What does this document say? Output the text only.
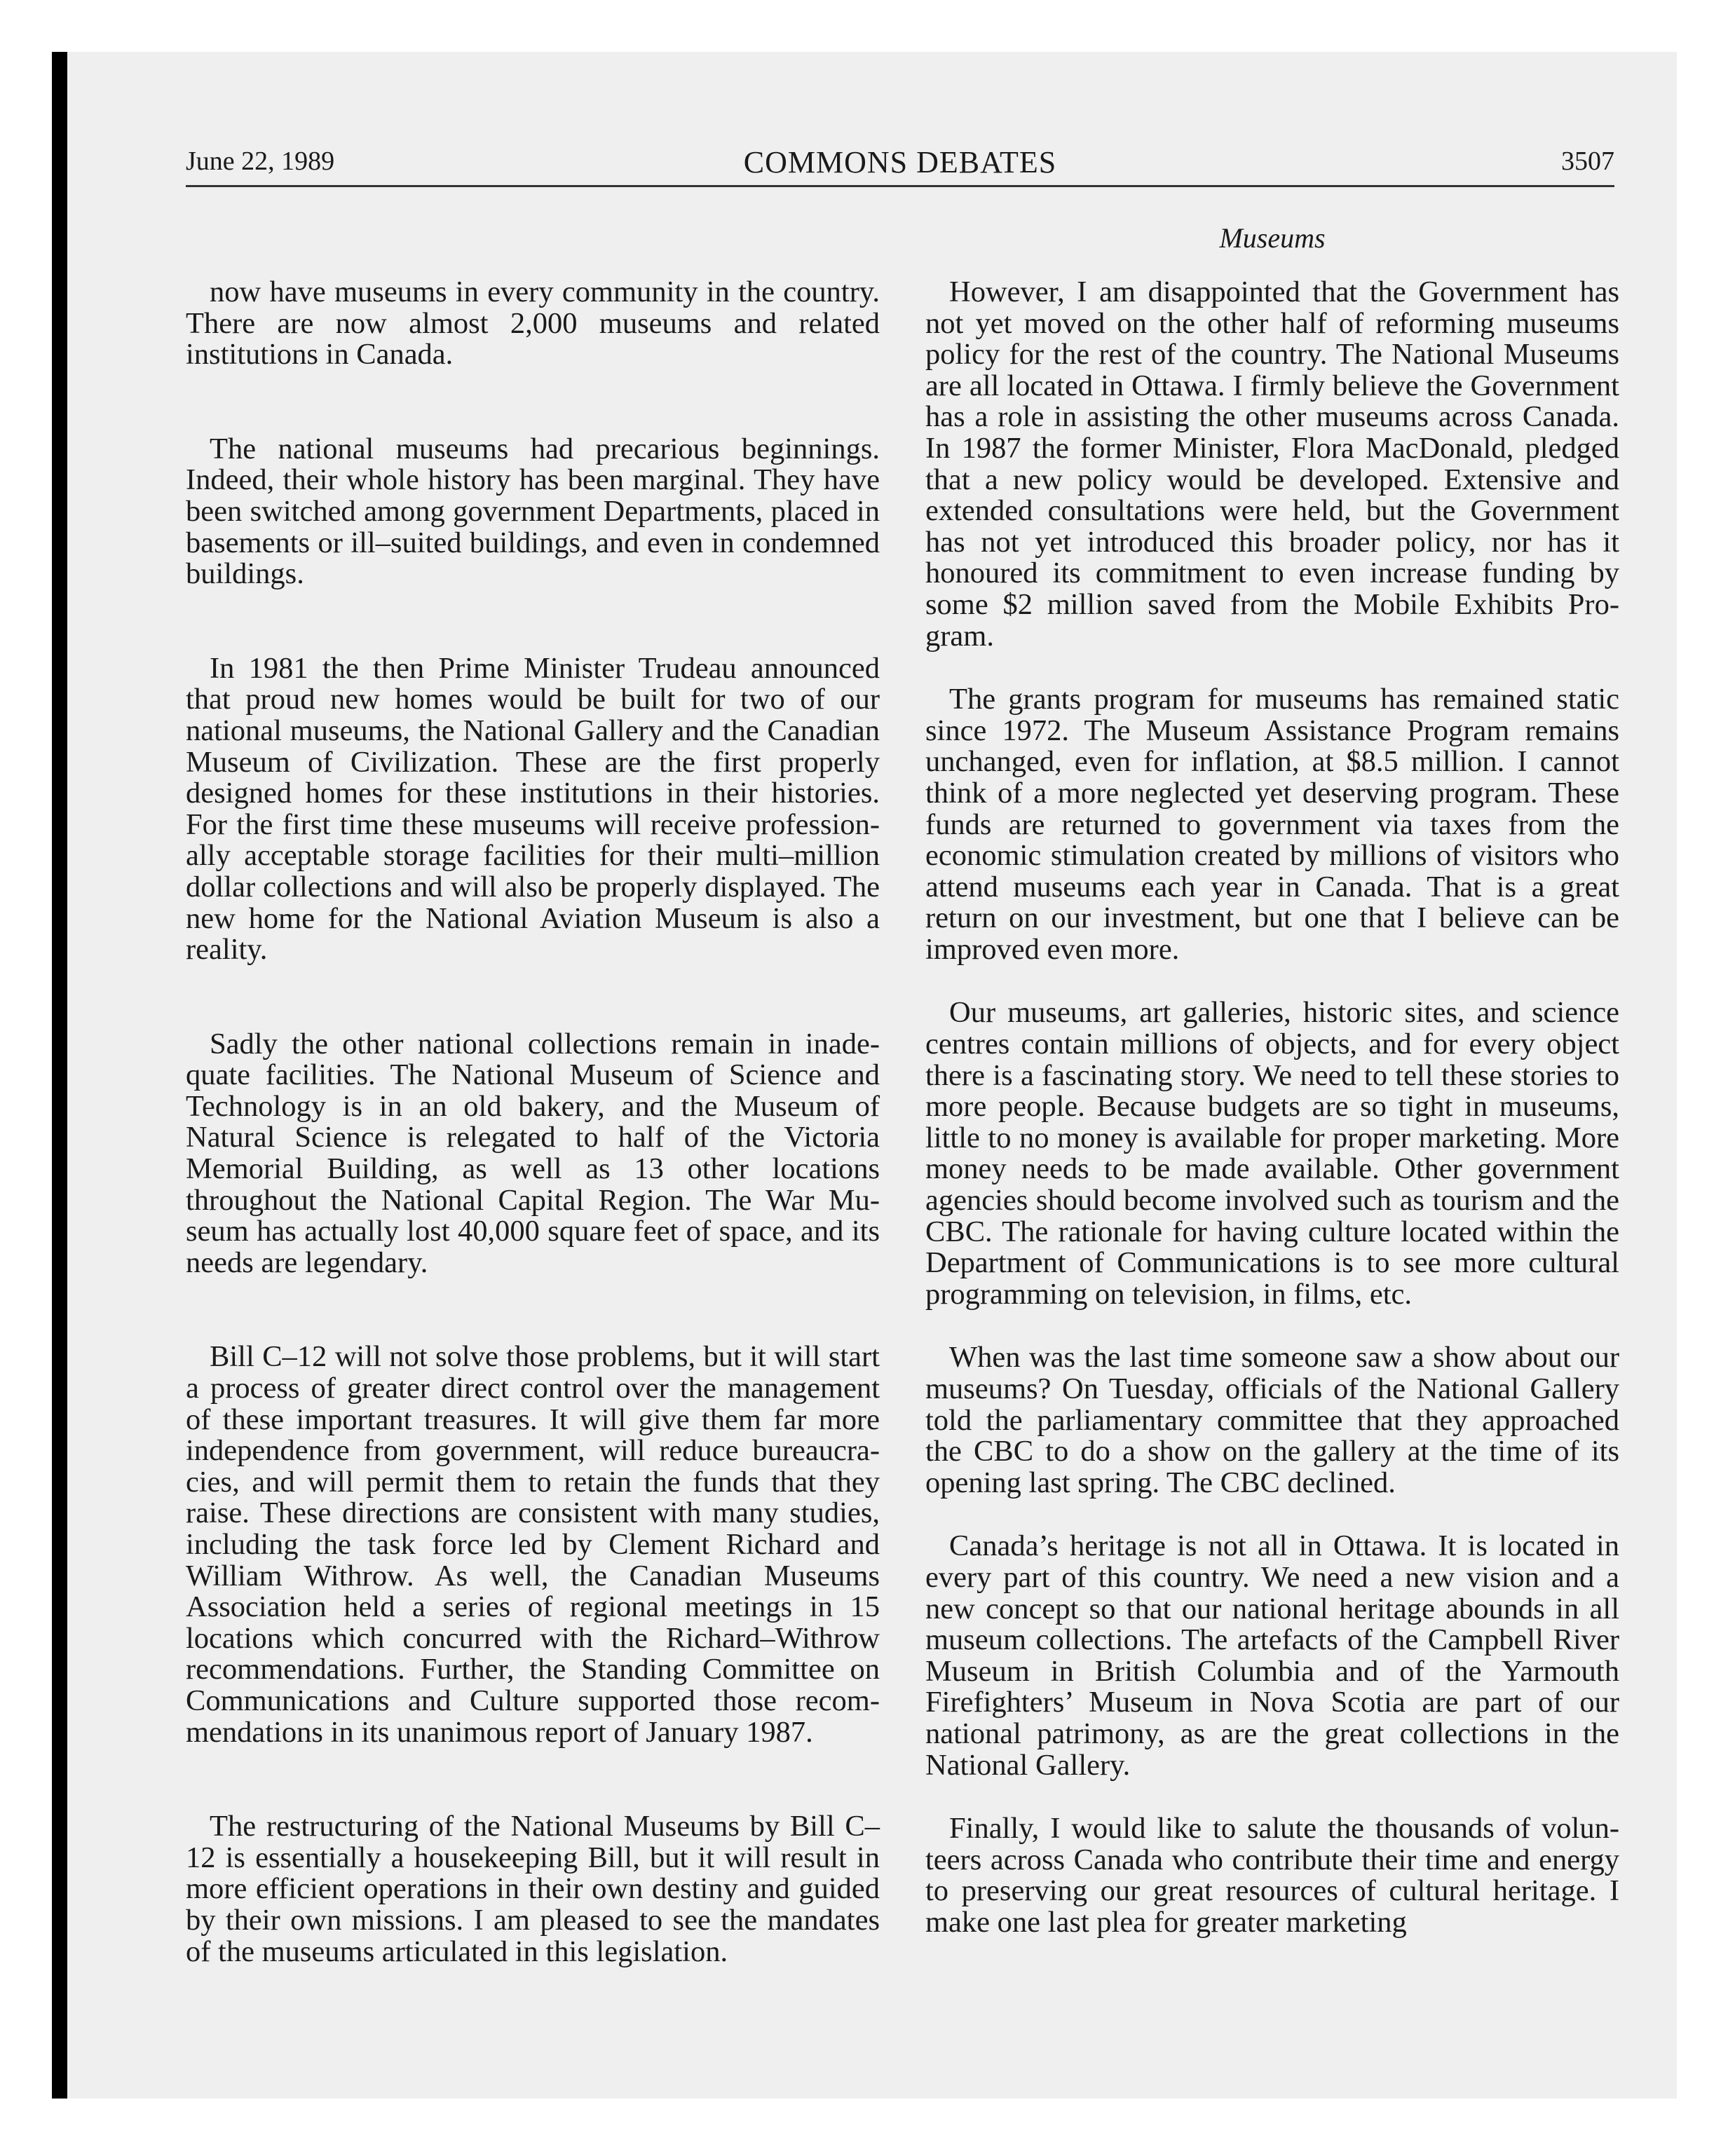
June 22, 1989	COMMONS DEBATES	3507
Museums

now have museums in every community in the country. There are now almost 2,000 museums and related institutions in Canada.

The national museums had precarious beginnings. Indeed, their whole history has been marginal. They have been switched among government Departments, placed in basements or ill–suited buildings, and even in condemned buildings.

In 1981 the then Prime Minister Trudeau announced that proud new homes would be built for two of our national museums, the National Gallery and the Canadian Museum of Civilization. These are the first properly designed homes for these institutions in their histories. For the first time these museums will receive professionally acceptable storage facilities for their multi–million dollar collections and will also be properly displayed. The new home for the National Aviation Museum is also a reality.

Sadly the other national collections remain in inadequate facilities. The National Museum of Science and Technology is in an old bakery, and the Museum of Natural Science is relegated to half of the Victoria Memorial Building, as well as 13 other locations throughout the National Capital Region. The War Museum has actually lost 40,000 square feet of space, and its needs are legendary.

Bill C–12 will not solve those problems, but it will start a process of greater direct control over the management of these important treasures. It will give them far more independence from government, will reduce bureaucracies, and will permit them to retain the funds that they raise. These directions are consistent with many studies, including the task force led by Clement Richard and William Withrow. As well, the Canadian Museums Association held a series of regional meetings in 15 locations which concurred with the Richard–Withrow recommendations. Further, the Standing Committee on Communications and Culture supported those recommendations in its unanimous report of January 1987.

The restructuring of the National Museums by Bill C–12 is essentially a housekeeping Bill, but it will result in more efficient operations in their own destiny and guided by their own missions. I am pleased to see the mandates of the museums articulated in this legislation.

However, I am disappointed that the Government has not yet moved on the other half of reforming museums policy for the rest of the country. The National Museums are all located in Ottawa. I firmly believe the Government has a role in assisting the other museums across Canada. In 1987 the former Minister, Flora MacDonald, pledged that a new policy would be developed. Extensive and extended consultations were held, but the Government has not yet introduced this broader policy, nor has it honoured its commitment to even increase funding by some $2 million saved from the Mobile Exhibits Program.

The grants program for museums has remained static since 1972. The Museum Assistance Program remains unchanged, even for inflation, at $8.5 million. I cannot think of a more neglected yet deserving program. These funds are returned to government via taxes from the economic stimulation created by millions of visitors who attend museums each year in Canada. That is a great return on our investment, but one that I believe can be improved even more.

Our museums, art galleries, historic sites, and science centres contain millions of objects, and for every object there is a fascinating story. We need to tell these stories to more people. Because budgets are so tight in museums, little to no money is available for proper marketing. More money needs to be made available. Other government agencies should become involved such as tourism and the CBC. The rationale for having culture located within the Department of Communications is to see more cultural programming on television, in films, etc.

When was the last time someone saw a show about our museums? On Tuesday, officials of the National Gallery told the parliamentary committee that they approached the CBC to do a show on the gallery at the time of its opening last spring. The CBC declined.

Canada’s heritage is not all in Ottawa. It is located in every part of this country. We need a new vision and a new concept so that our national heritage abounds in all museum collections. The artefacts of the Campbell River Museum in British Columbia and of the Yarmouth Firefighters’ Museum in Nova Scotia are part of our national patrimony, as are the great collections in the National Gallery.

Finally, I would like to salute the thousands of volunteers across Canada who contribute their time and energy to preserving our great resources of cultural heritage. I make one last plea for greater marketing
